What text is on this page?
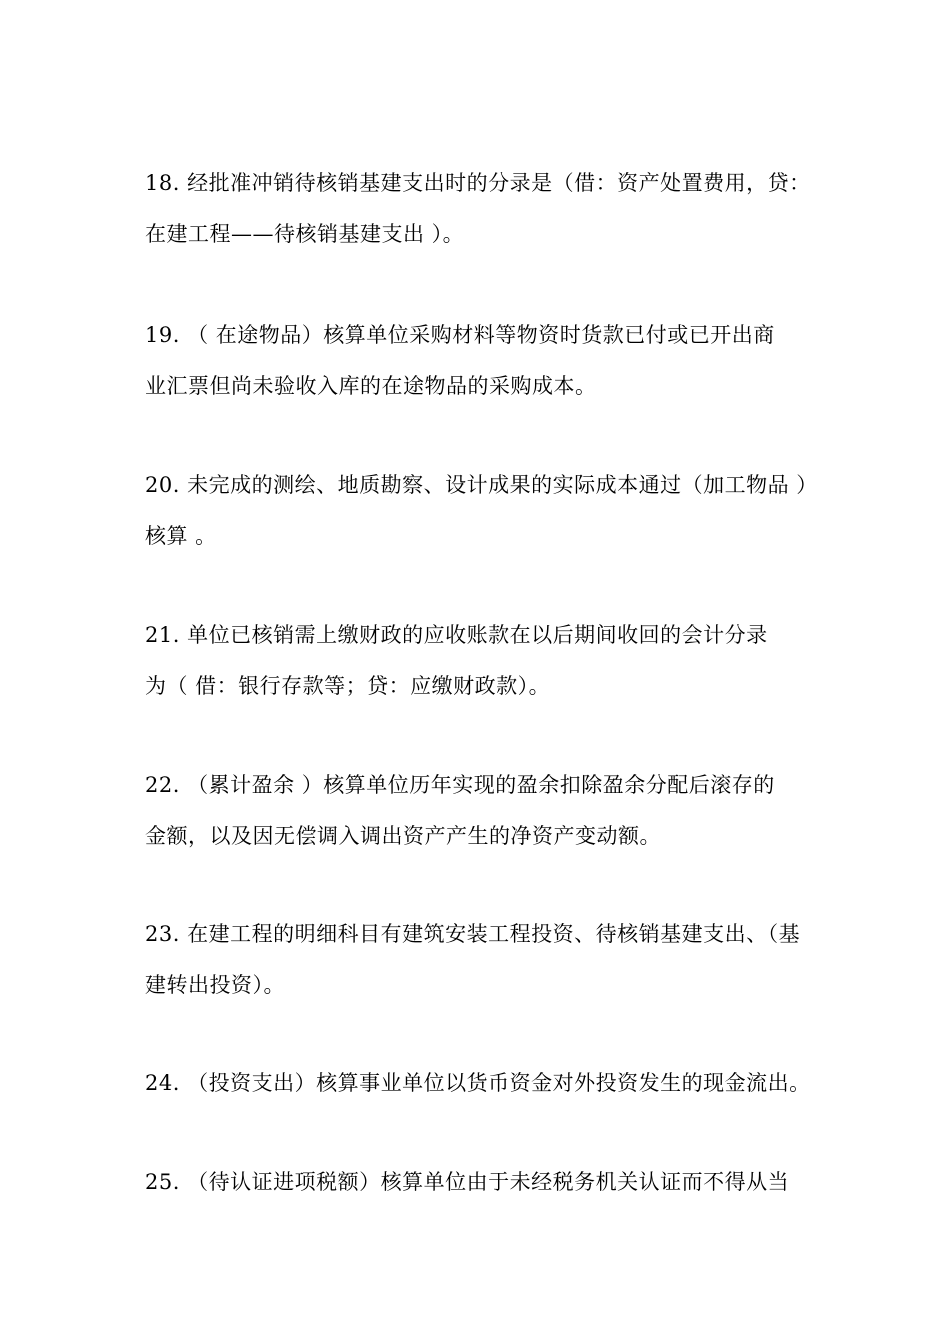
18. 经批准冲销待核销基建支出时的分录是（借：资产处置费用，贷：
在建工程——待核销基建支出 ）。
19. （ 在途物品）核算单位采购材料等物资时货款已付或已开出商
业汇票但尚未验收入库的在途物品的采购成本。
20. 未完成的测绘、地质勘察、设计成果的实际成本通过（加工物品 ）
核算 。
21. 单位已核销需上缴财政的应收账款在以后期间收回的会计分录
为（ 借：银行存款等；贷：应缴财政款）。
22. （累计盈余 ）核算单位历年实现的盈余扣除盈余分配后滚存的
金额，以及因无偿调入调出资产产生的净资产变动额。
23. 在建工程的明细科目有建筑安装工程投资、待核销基建支出、（基
建转出投资）。
24. （投资支出）核算事业单位以货币资金对外投资发生的现金流出。
25. （待认证进项税额）核算单位由于未经税务机关认证而不得从当
